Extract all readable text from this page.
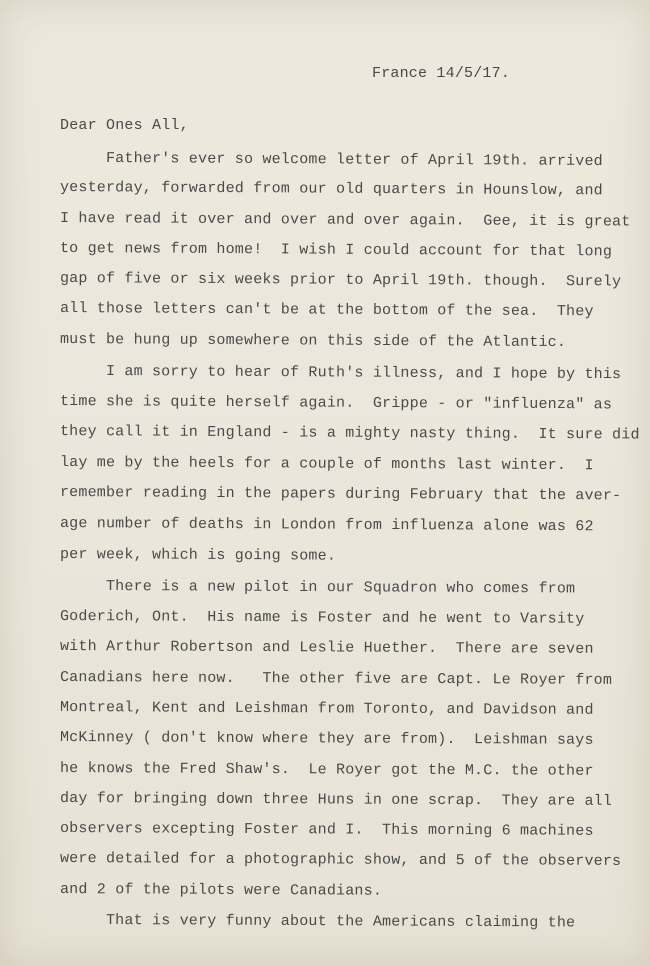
France 14/5/17.
Dear Ones All,
Father's ever so welcome letter of April 19th. arrived
yesterday, forwarded from our old quarters in Hounslow, and
I have read it over and over and over again.  Gee, it is great
to get news from home!  I wish I could account for that long
gap of five or six weeks prior to April 19th. though.  Surely
all those letters can't be at the bottom of the sea.  They
must be hung up somewhere on this side of the Atlantic.
I am sorry to hear of Ruth's illness, and I hope by this
time she is quite herself again.  Grippe - or "influenza" as
they call it in England - is a mighty nasty thing.  It sure did
lay me by the heels for a couple of months last winter.  I
remember reading in the papers during February that the aver-
age number of deaths in London from influenza alone was 62
per week, which is going some.
There is a new pilot in our Squadron who comes from
Goderich, Ont.  His name is Foster and he went to Varsity
with Arthur Robertson and Leslie Huether.  There are seven
Canadians here now.   The other five are Capt. Le Royer from
Montreal, Kent and Leishman from Toronto, and Davidson and
McKinney ( don't know where they are from).  Leishman says
he knows the Fred Shaw's.  Le Royer got the M.C. the other
day for bringing down three Huns in one scrap.  They are all
observers excepting Foster and I.  This morning 6 machines
were detailed for a photographic show, and 5 of the observers
and 2 of the pilots were Canadians.
That is very funny about the Americans claiming the
